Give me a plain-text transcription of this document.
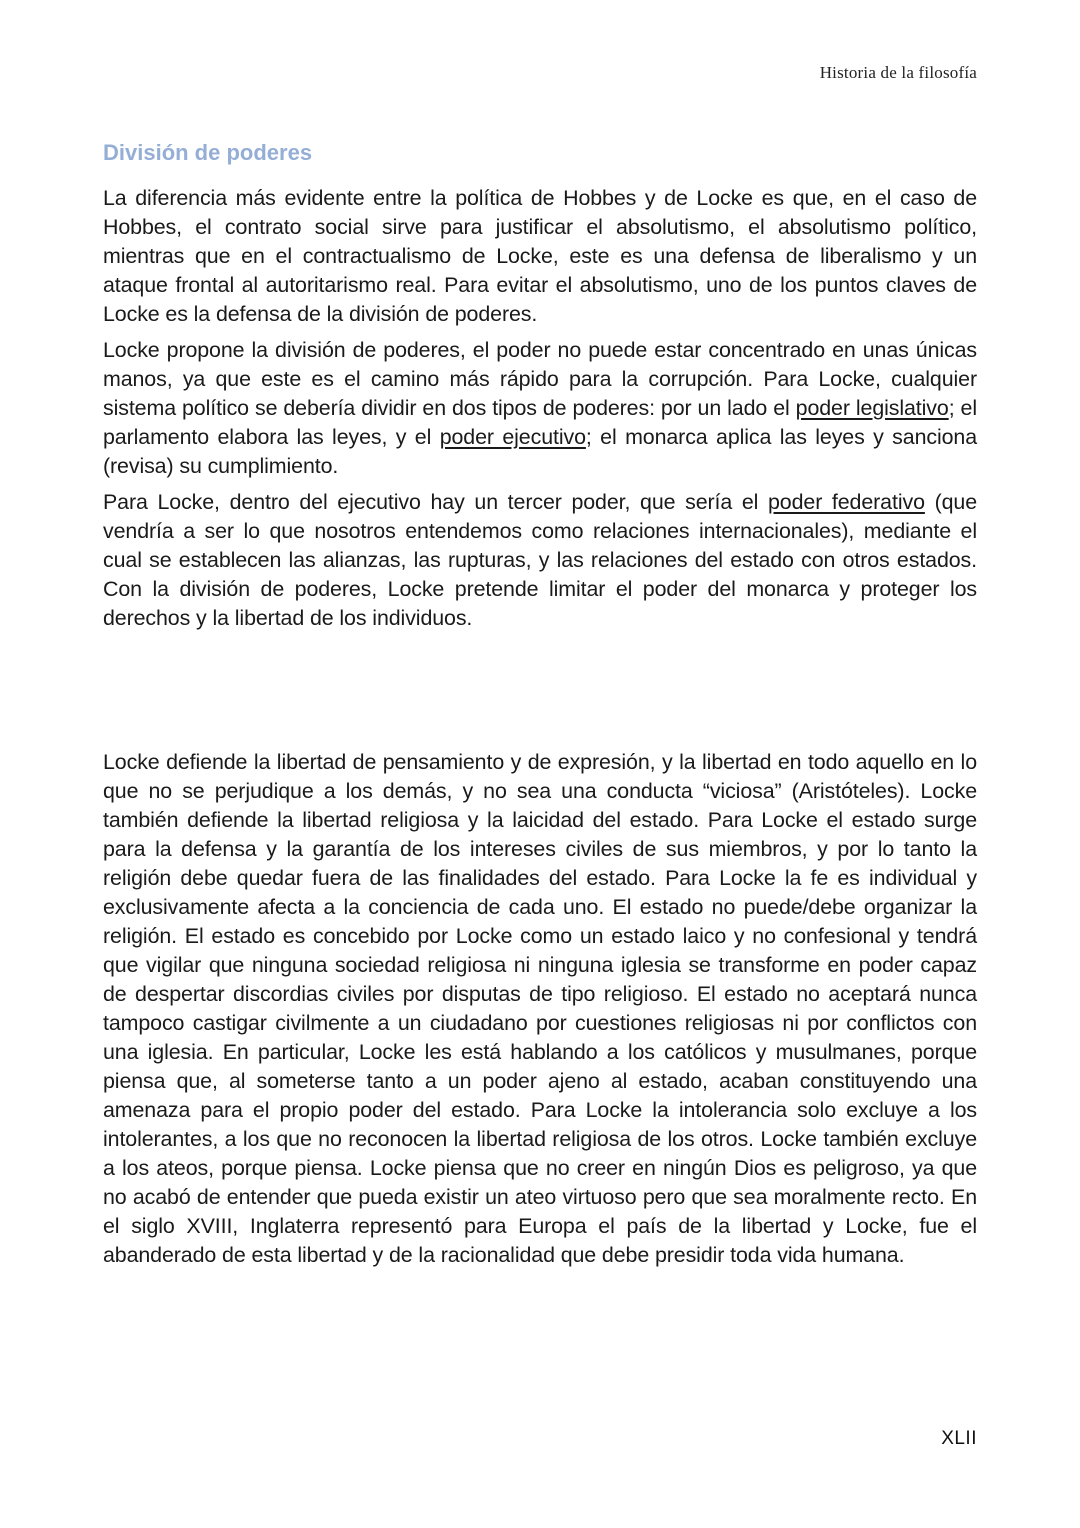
Historia de la filosofía
División de poderes

La diferencia más evidente entre la política de Hobbes y de Locke es que, en el caso de Hobbes, el contrato social sirve para justificar el absolutismo, el absolutismo político, mientras que en el contractualismo de Locke, este es una defensa de liberalismo y un ataque frontal al autoritarismo real. Para evitar el absolutismo, uno de los puntos claves de Locke es la defensa de la división de poderes.

Locke propone la división de poderes, el poder no puede estar concentrado en unas únicas manos, ya que este es el camino más rápido para la corrupción. Para Locke, cualquier sistema político se debería dividir en dos tipos de poderes: por un lado el poder legislativo; el parlamento elabora las leyes, y el poder ejecutivo; el monarca aplica las leyes y sanciona (revisa) su cumplimiento.

Para Locke, dentro del ejecutivo hay un tercer poder, que sería el poder federativo (que vendría a ser lo que nosotros entendemos como relaciones internacionales), mediante el cual se establecen las alianzas, las rupturas, y las relaciones del estado con otros estados. Con la división de poderes, Locke pretende limitar el poder del monarca y proteger los derechos y la libertad de los individuos.

Locke defiende la libertad de pensamiento y de expresión, y la libertad en todo aquello en lo que no se perjudique a los demás, y no sea una conducta “viciosa” (Aristóteles). Locke también defiende la libertad religiosa y la laicidad del estado. Para Locke el estado surge para la defensa y la garantía de los intereses civiles de sus miembros, y por lo tanto la religión debe quedar fuera de las finalidades del estado. Para Locke la fe es individual y exclusivamente afecta a la conciencia de cada uno. El estado no puede/debe organizar la religión. El estado es concebido por Locke como un estado laico y no confesional y tendrá que vigilar que ninguna sociedad religiosa ni ninguna iglesia se transforme en poder capaz de despertar discordias civiles por disputas de tipo religioso. El estado no aceptará nunca tampoco castigar civilmente a un ciudadano por cuestiones religiosas ni por conflictos con una iglesia. En particular, Locke les está hablando a los católicos y musulmanes, porque piensa que, al someterse tanto a un poder ajeno al estado, acaban constituyendo una amenaza para el propio poder del estado. Para Locke la intolerancia solo excluye a los intolerantes, a los que no reconocen la libertad religiosa de los otros. Locke también excluye a los ateos, porque piensa. Locke piensa que no creer en ningún Dios es peligroso, ya que no acabó de entender que pueda existir un ateo virtuoso pero que sea moralmente recto. En el siglo XVIII, Inglaterra representó para Europa el país de la libertad y Locke, fue el abanderado de esta libertad y de la racionalidad que debe presidir toda vida humana.

XLII
